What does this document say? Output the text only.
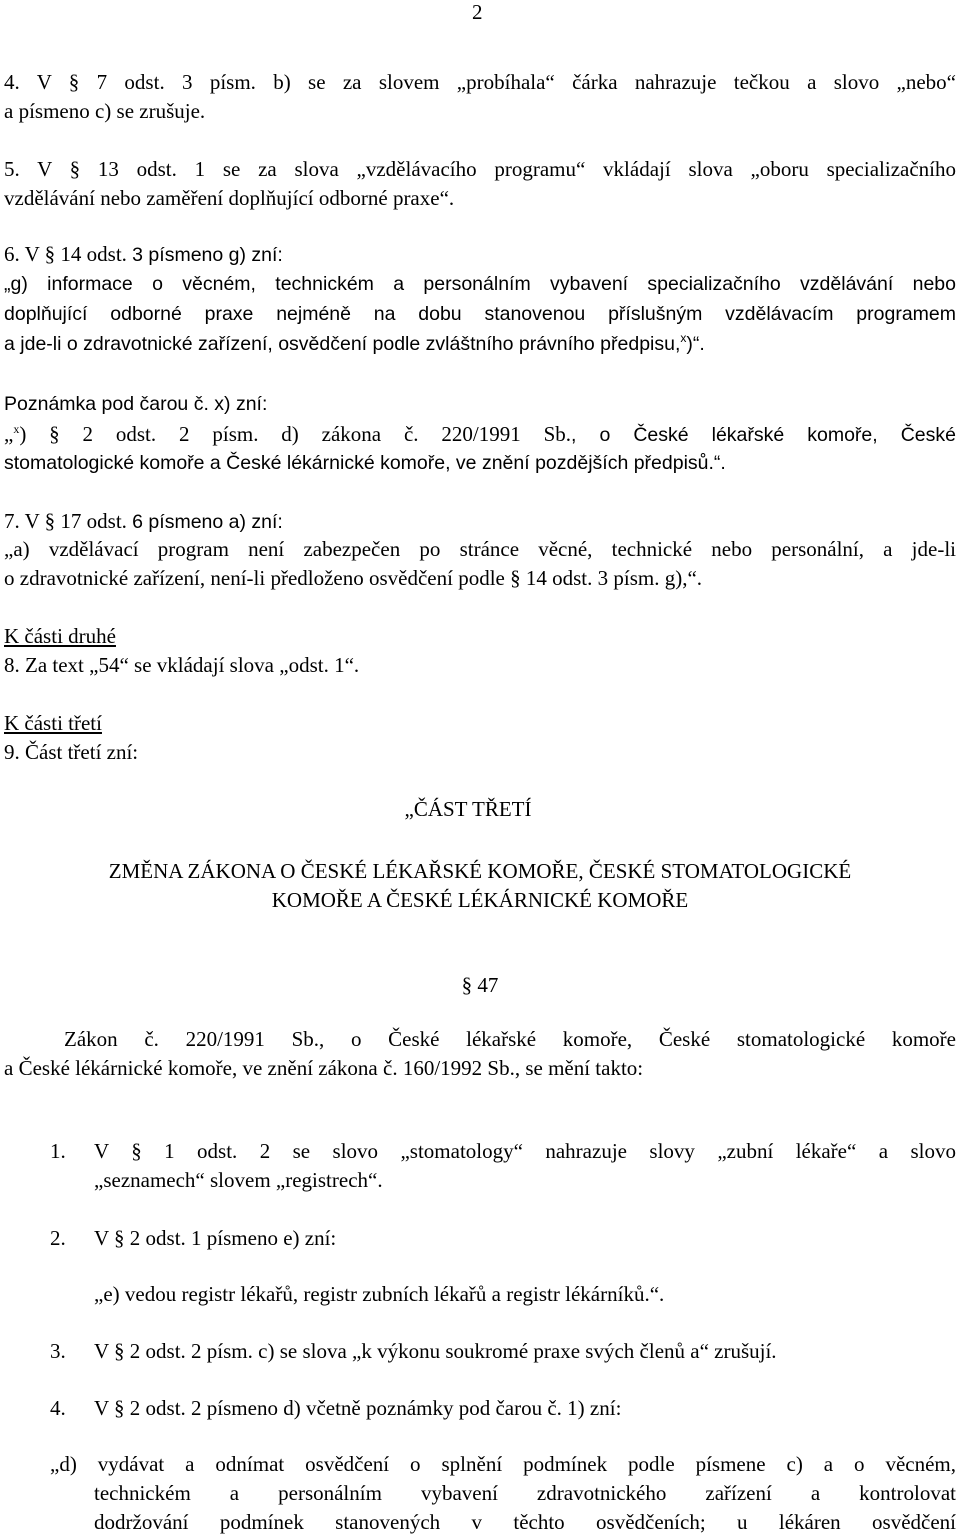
2
4. V § 7 odst. 3 písm. b) se za slovem „probíhala“ čárka nahrazuje tečkou a slovo „nebo“
a písmeno c) se zrušuje.
5. V § 13 odst. 1 se za slova „vzdělávacího programu“ vkládají slova „oboru specializačního
vzdělávání nebo zaměření doplňující odborné praxe“.
6. V § 14 odst. 3 písmeno g) zní:
„g) informace o věcném, technickém a personálním vybavení specializačního vzdělávání nebo
doplňující odborné praxe nejméně na dobu stanovenou příslušným vzdělávacím programem
a jde-li o zdravotnické zařízení, osvědčení podle zvláštního právního předpisu,$^x$)“.
Poznámka pod čarou č. x) zní:
„$^x$) § 2 odst. 2 písm. d) zákona č. 220/1991 Sb., o České lékařské komoře, České
stomatologické komoře a České lékárnické komoře, ve znění pozdějších předpisů.“.
7. V § 17 odst. 6 písmeno a) zní:
„a) vzdělávací program není zabezpečen po stránce věcné, technické nebo personální, a jde-li
o zdravotnické zařízení, není-li předloženo osvědčení podle § 14 odst. 3 písm. g),“.
K části druhé
8. Za text „54“ se vkládají slova „odst. 1“.
K části třetí
9. Část třetí zní:
„ČÁST TŘETÍ
ZMĚNA ZÁKONA O ČESKÉ LÉKAŘSKÉ KOMOŘE, ČESKÉ STOMATOLOGICKÉ
KOMOŘE A ČESKÉ LÉKÁRNICKÉ KOMOŘE
§ 47
Zákon č. 220/1991 Sb., o České lékařské komoře, České stomatologické komoře
a České lékárnické komoře, ve znění zákona č. 160/1992 Sb., se mění takto:
1. V § 1 odst. 2 se slovo „stomatology“ nahrazuje slovy „zubní lékaře“ a slovo
„seznamech“ slovem „registrech“.
2. V § 2 odst. 1 písmeno e) zní:
„e) vedou registr lékařů, registr zubních lékařů a registr lékárníků.“.
3. V § 2 odst. 2 písm. c) se slova „k výkonu soukromé praxe svých členů a“ zrušují.
4. V § 2 odst. 2 písmeno d) včetně poznámky pod čarou č. 1) zní:
„d) vydávat a odnímat osvědčení o splnění podmínek podle písmene c) a o věcném,
technickém a personálním vybavení zdravotnického zařízení a kontrolovat
dodržování podmínek stanovených v těchto osvědčeních; u lékáren osvědčení
